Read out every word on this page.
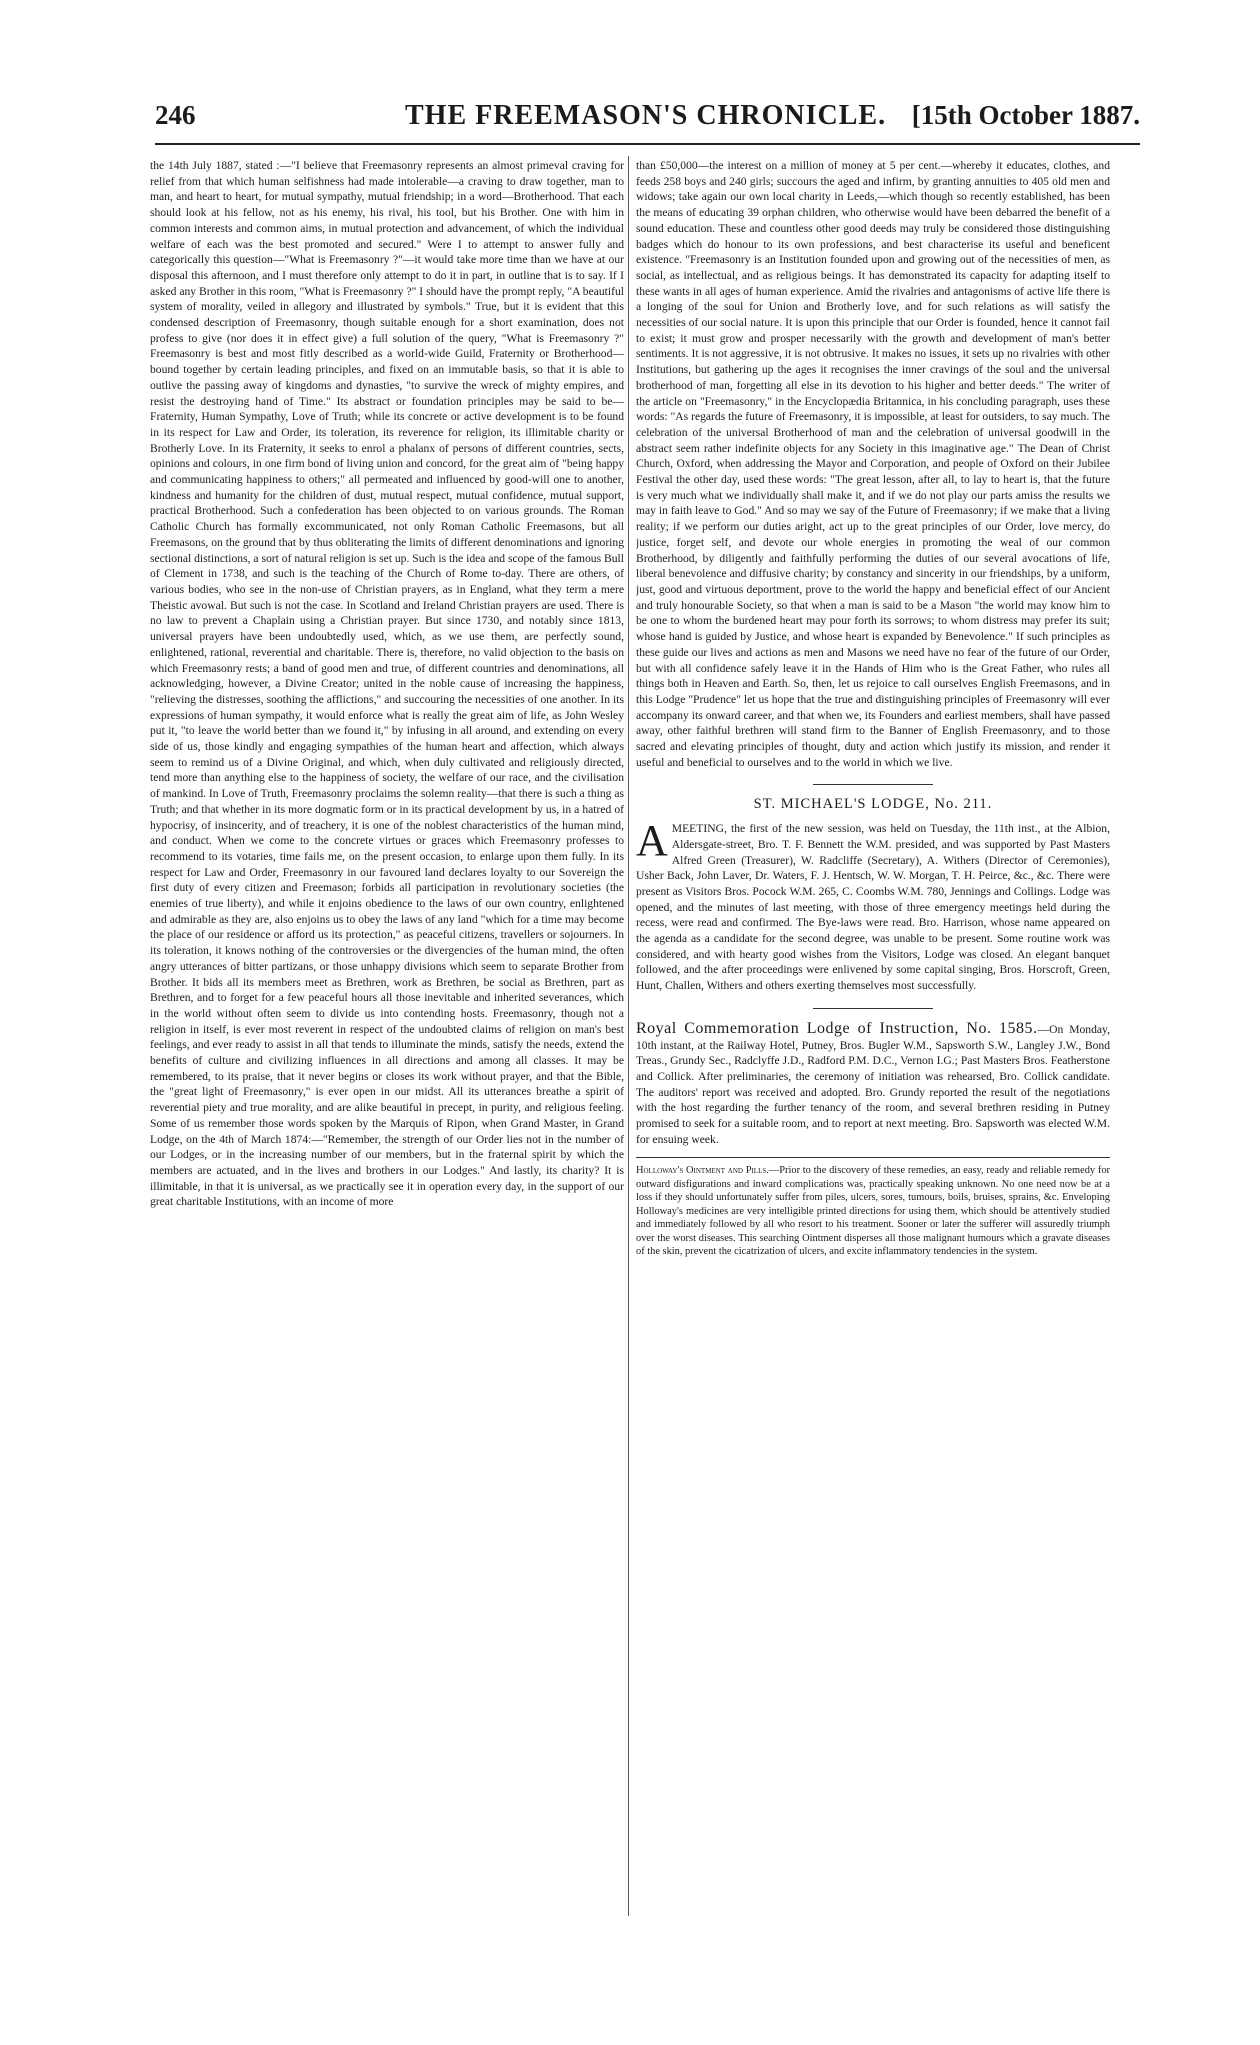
246	THE FREEMASON'S CHRONICLE. [15th October 1887.

the 14th July 1887, stated :—"I believe that Freemasonry represents an almost primeval craving for relief from that which human selfishness had made intolerable—a craving to draw together, man to man, and heart to heart, for mutual sympathy, mutual friendship; in a word—Brotherhood. That each should look at his fellow, not as his enemy, his rival, his tool, but his Brother. One with him in common interests and common aims, in mutual protection and advancement, of which the individual welfare of each was the best promoted and secured." Were I to attempt to answer fully and categorically this question—"What is Freemasonry ?"—it would take more time than we have at our disposal this afternoon, and I must therefore only attempt to do it in part, in outline that is to say. If I asked any Brother in this room, "What is Freemasonry ?" I should have the prompt reply, "A beautiful system of morality, veiled in allegory and illustrated by symbols." True, but it is evident that this condensed description of Freemasonry, though suitable enough for a short examination, does not profess to give (nor does it in effect give) a full solution of the query, "What is Freemasonry ?" Freemasonry is best and most fitly described as a world-wide Guild, Fraternity or Brotherhood—bound together by certain leading principles, and fixed on an immutable basis, so that it is able to outlive the passing away of kingdoms and dynasties, "to survive the wreck of mighty empires, and resist the destroying hand of Time." Its abstract or foundation principles may be said to be—Fraternity, Human Sympathy, Love of Truth; while its concrete or active development is to be found in its respect for Law and Order, its toleration, its reverence for religion, its illimitable charity or Brotherly Love. In its Fraternity, it seeks to enrol a phalanx of persons of different countries, sects, opinions and colours, in one firm bond of living union and concord, for the great aim of "being happy and communicating happiness to others;" all permeated and influenced by good-will one to another, kindness and humanity for the children of dust, mutual respect, mutual confidence, mutual support, practical Brotherhood. Such a confederation has been objected to on various grounds. The Roman Catholic Church has formally excommunicated, not only Roman Catholic Freemasons, but all Freemasons, on the ground that by thus obliterating the limits of different denominations and ignoring sectional distinctions, a sort of natural religion is set up. Such is the idea and scope of the famous Bull of Clement in 1738, and such is the teaching of the Church of Rome to-day. There are others, of various bodies, who see in the non-use of Christian prayers, as in England, what they term a mere Theistic avowal. But such is not the case. In Scotland and Ireland Christian prayers are used. There is no law to prevent a Chaplain using a Christian prayer. But since 1730, and notably since 1813, universal prayers have been undoubtedly used, which, as we use them, are perfectly sound, enlightened, rational, reverential and charitable. There is, therefore, no valid objection to the basis on which Freemasonry rests; a band of good men and true, of different countries and denominations, all acknowledging, however, a Divine Creator; united in the noble cause of increasing the happiness, "relieving the distresses, soothing the afflictions," and succouring the necessities of one another. In its expressions of human sympathy, it would enforce what is really the great aim of life, as John Wesley put it, "to leave the world better than we found it," by infusing in all around, and extending on every side of us, those kindly and engaging sympathies of the human heart and affection, which always seem to remind us of a Divine Original, and which, when duly cultivated and religiously directed, tend more than anything else to the happiness of society, the welfare of our race, and the civilisation of mankind. In Love of Truth, Freemasonry proclaims the solemn reality—that there is such a thing as Truth; and that whether in its more dogmatic form or in its practical development by us, in a hatred of hypocrisy, of insincerity, and of treachery, it is one of the noblest characteristics of the human mind, and conduct. When we come to the concrete virtues or graces which Freemasonry professes to recommend to its votaries, time fails me, on the present occasion, to enlarge upon them fully. In its respect for Law and Order, Freemasonry in our favoured land declares loyalty to our Sovereign the first duty of every citizen and Freemason; forbids all participation in revolutionary societies (the enemies of true liberty), and while it enjoins obedience to the laws of our own country, enlightened and admirable as they are, also enjoins us to obey the laws of any land "which for a time may become the place of our residence or afford us its protection," as peaceful citizens, travellers or sojourners. In its toleration, it knows nothing of the controversies or the divergencies of the human mind, the often angry utterances of bitter partizans, or those unhappy divisions which seem to separate Brother from Brother. It bids all its members meet as Brethren, work as Brethren, be social as Brethren, part as Brethren, and to forget for a few peaceful hours all those inevitable and inherited severances, which in the world without often seem to divide us into contending hosts. Freemasonry, though not a religion in itself, is ever most reverent in respect of the undoubted claims of religion on man's best feelings, and ever ready to assist in all that tends to illuminate the minds, satisfy the needs, extend the benefits of culture and civilizing influences in all directions and among all classes. It may be remembered, to its praise, that it never begins or closes its work without prayer, and that the Bible, the "great light of Freemasonry," is ever open in our midst. All its utterances breathe a spirit of reverential piety and true morality, and are alike beautiful in precept, in purity, and religious feeling. Some of us remember those words spoken by the Marquis of Ripon, when Grand Master, in Grand Lodge, on the 4th of March 1874:—"Remember, the strength of our Order lies not in the number of our Lodges, or in the increasing number of our members, but in the fraternal spirit by which the members are actuated, and in the lives and brothers in our Lodges." And lastly, its charity? It is illimitable, in that it is universal, as we practically see it in operation every day, in the support of our great charitable Institutions, with an income of more

than £50,000—the interest on a million of money at 5 per cent.—whereby it educates, clothes, and feeds 258 boys and 240 girls; succours the aged and infirm, by granting annuities to 405 old men and widows; take again our own local charity in Leeds,—which though so recently established, has been the means of educating 39 orphan children, who otherwise would have been debarred the benefit of a sound education. These and countless other good deeds may truly be considered those distinguishing badges which do honour to its own professions, and best characterise its useful and beneficent existence. "Freemasonry is an Institution founded upon and growing out of the necessities of men, as social, as intellectual, and as religious beings. It has demonstrated its capacity for adapting itself to these wants in all ages of human experience. Amid the rivalries and antagonisms of active life there is a longing of the soul for Union and Brotherly love, and for such relations as will satisfy the necessities of our social nature. It is upon this principle that our Order is founded, hence it cannot fail to exist; it must grow and prosper necessarily with the growth and development of man's better sentiments. It is not aggressive, it is not obtrusive. It makes no issues, it sets up no rivalries with other Institutions, but gathering up the ages it recognises the inner cravings of the soul and the universal brotherhood of man, forgetting all else in its devotion to his higher and better deeds." The writer of the article on "Freemasonry," in the Encyclopædia Britannica, in his concluding paragraph, uses these words: "As regards the future of Freemasonry, it is impossible, at least for outsiders, to say much. The celebration of the universal Brotherhood of man and the celebration of universal goodwill in the abstract seem rather indefinite objects for any Society in this imaginative age." The Dean of Christ Church, Oxford, when addressing the Mayor and Corporation, and people of Oxford on their Jubilee Festival the other day, used these words: "The great lesson, after all, to lay to heart is, that the future is very much what we individually shall make it, and if we do not play our parts amiss the results we may in faith leave to God." And so may we say of the Future of Freemasonry; if we make that a living reality; if we perform our duties aright, act up to the great principles of our Order, love mercy, do justice, forget self, and devote our whole energies in promoting the weal of our common Brotherhood, by diligently and faithfully performing the duties of our several avocations of life, liberal benevolence and diffusive charity; by constancy and sincerity in our friendships, by a uniform, just, good and virtuous deportment, prove to the world the happy and beneficial effect of our Ancient and truly honourable Society, so that when a man is said to be a Mason "the world may know him to be one to whom the burdened heart may pour forth its sorrows; to whom distress may prefer its suit; whose hand is guided by Justice, and whose heart is expanded by Benevolence." If such principles as these guide our lives and actions as men and Masons we need have no fear of the future of our Order, but with all confidence safely leave it in the Hands of Him who is the Great Father, who rules all things both in Heaven and Earth. So, then, let us rejoice to call ourselves English Freemasons, and in this Lodge "Prudence" let us hope that the true and distinguishing principles of Freemasonry will ever accompany its onward career, and that when we, its Founders and earliest members, shall have passed away, other faithful brethren will stand firm to the Banner of English Freemasonry, and to those sacred and elevating principles of thought, duty and action which justify its mission, and render it useful and beneficial to ourselves and to the world in which we live.

ST. MICHAEL'S LODGE, No. 211.

AMEETING, the first of the new session, was held on Tuesday, the 11th inst., at the Albion, Aldersgate-street, Bro. T. F. Bennett the W.M. presided, and was supported by Past Masters Alfred Green (Treasurer), W. Radcliffe (Secretary), A. Withers (Director of Ceremonies), Usher Back, John Laver, Dr. Waters, F. J. Hentsch, W. W. Morgan, T. H. Peirce, &c., &c. There were present as Visitors Bros. Pocock W.M. 265, C. Coombs W.M. 780, Jennings and Collings. Lodge was opened, and the minutes of last meeting, with those of three emergency meetings held during the recess, were read and confirmed. The Bye-laws were read. Bro. Harrison, whose name appeared on the agenda as a candidate for the second degree, was unable to be present. Some routine work was considered, and with hearty good wishes from the Visitors, Lodge was closed. An elegant banquet followed, and the after proceedings were enlivened by some capital singing, Bros. Horscroft, Green, Hunt, Challen, Withers and others exerting themselves most successfully.

Royal Commemoration Lodge of Instruction, No. 1585.—On Monday, 10th instant, at the Railway Hotel, Putney, Bros. Bugler W.M., Sapsworth S.W., Langley J.W., Bond Treas., Grundy Sec., Radclyffe J.D., Radford P.M. D.C., Vernon I.G.; Past Masters Bros. Featherstone and Collick. After preliminaries, the ceremony of initiation was rehearsed, Bro. Collick candidate. The auditors' report was received and adopted. Bro. Grundy reported the result of the negotiations with the host regarding the further tenancy of the room, and several brethren residing in Putney promised to seek for a suitable room, and to report at next meeting. Bro. Sapsworth was elected W.M. for ensuing week.

Holloway's Ointment and Pills.—Prior to the discovery of these remedies, an easy, ready and reliable remedy for outward disfigurations and inward complications was, practically speaking unknown. No one need now be at a loss if they should unfortunately suffer from piles, ulcers, sores, tumours, boils, bruises, sprains, &c. Enveloping Holloway's medicines are very intelligible printed directions for using them, which should be attentively studied and immediately followed by all who resort to his treatment. Sooner or later the sufferer will assuredly triumph over the worst diseases. This searching Ointment disperses all those malignant humours which a gravate diseases of the skin, prevent the cicatrization of ulcers, and excite inflammatory tendencies in the system.
